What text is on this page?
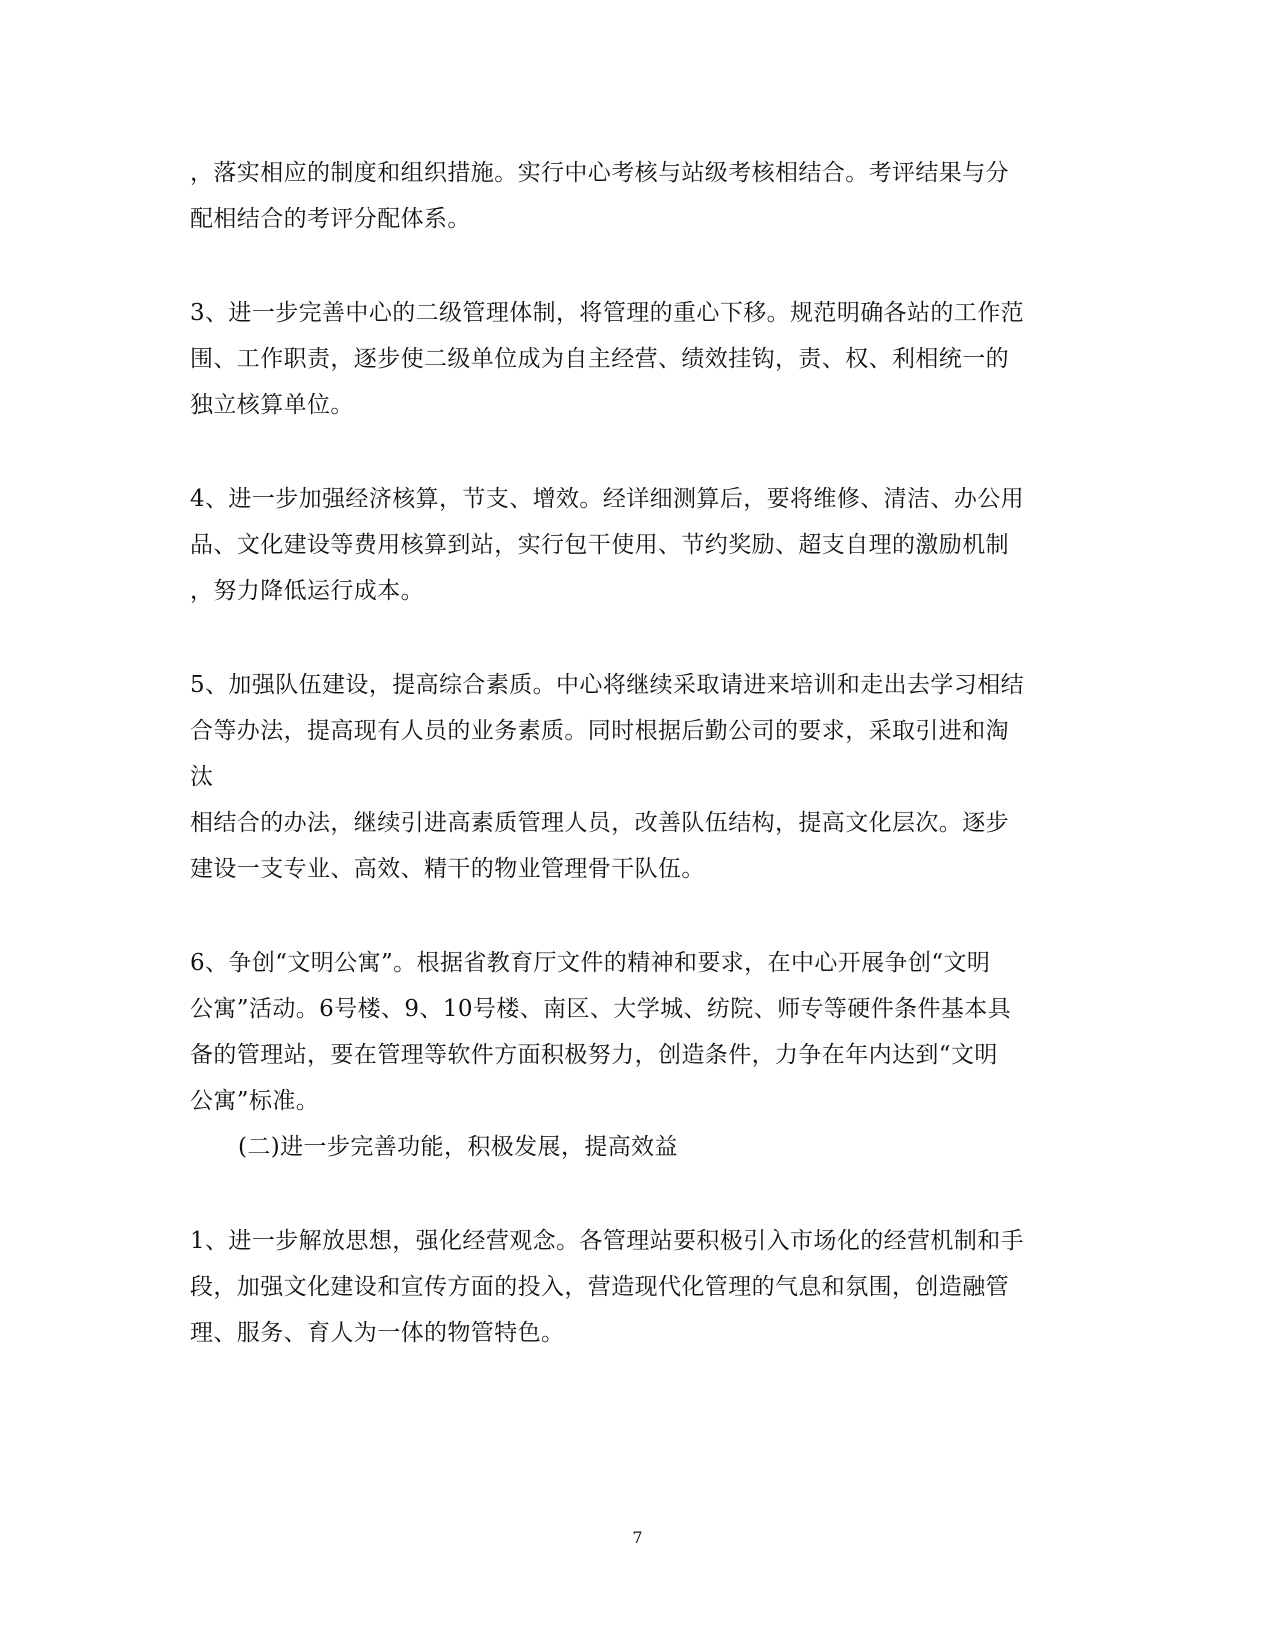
，落实相应的制度和组织措施。实行中心考核与站级考核相结合。考评结果与分
配相结合的考评分配体系。
3、进一步完善中心的二级管理体制，将管理的重心下移。规范明确各站的工作范
围、工作职责，逐步使二级单位成为自主经营、绩效挂钩，责、权、利相统一的
独立核算单位。
4、进一步加强经济核算，节支、增效。经详细测算后，要将维修、清洁、办公用
品、文化建设等费用核算到站，实行包干使用、节约奖励、超支自理的激励机制
，努力降低运行成本。
5、加强队伍建设，提高综合素质。中心将继续采取请进来培训和走出去学习相结
合等办法，提高现有人员的业务素质。同时根据后勤公司的要求，采取引进和淘
汰
相结合的办法，继续引进高素质管理人员，改善队伍结构，提高文化层次。逐步
建设一支专业、高效、精干的物业管理骨干队伍。
6、争创“文明公寓”。根据省教育厅文件的精神和要求，在中心开展争创“文明
公寓”活动。6号楼、9、10号楼、南区、大学城、纺院、师专等硬件条件基本具
备的管理站，要在管理等软件方面积极努力，创造条件，力争在年内达到“文明
公寓”标准。
(二)进一步完善功能，积极发展，提高效益
1、进一步解放思想，强化经营观念。各管理站要积极引入市场化的经营机制和手
段，加强文化建设和宣传方面的投入，营造现代化管理的气息和氛围，创造融管
理、服务、育人为一体的物管特色。
7
